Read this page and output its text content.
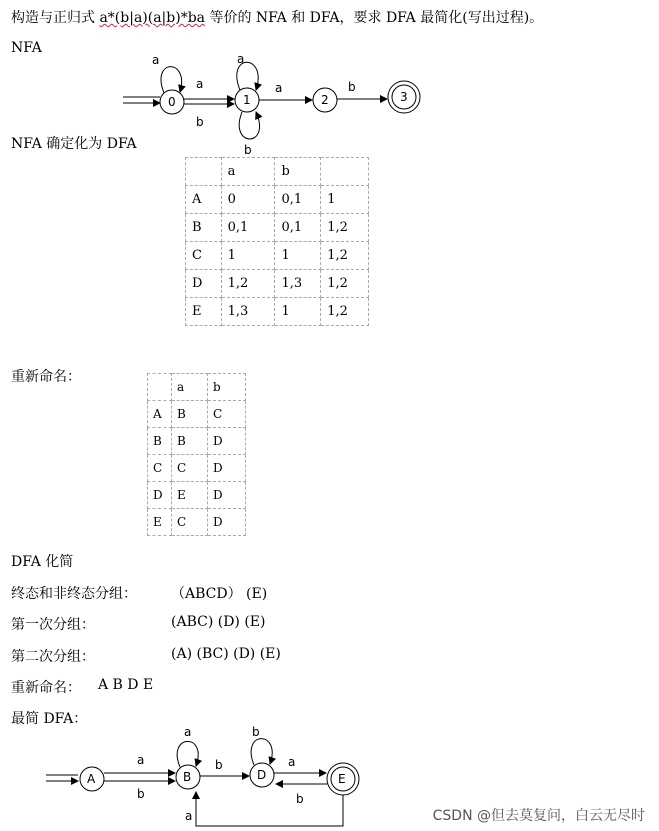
构造与正归式 a*(b|a)(a|b)*ba 等价的 NFA 和 DFA，要求 DFA 最简化(写出过程)。
NFA
0	1	2	3
a
a
b
a
b
a	b
NFA 确定化为 DFA
	a	b	
A	0	0,1	1
B	0,1	0,1	1,2
C	1	1	1,2
D	1,2	1,3	1,2
E	1,3	1	1,2
重新命名：
	a	b
A	B	C
B	B	D
C	C	D
D	E	D
E	C	D
DFA 化简
终态和非终态分组： （ABCD） (E)
第一次分组：	(ABC) (D) (E)
第二次分组：	(A) (BC) (D) (E)
重新命名： A B D E
最简 DFA：
A	B	D	E
a
b
a
b
b
a
b
a	CSDN @但去莫复问，白云无尽时
